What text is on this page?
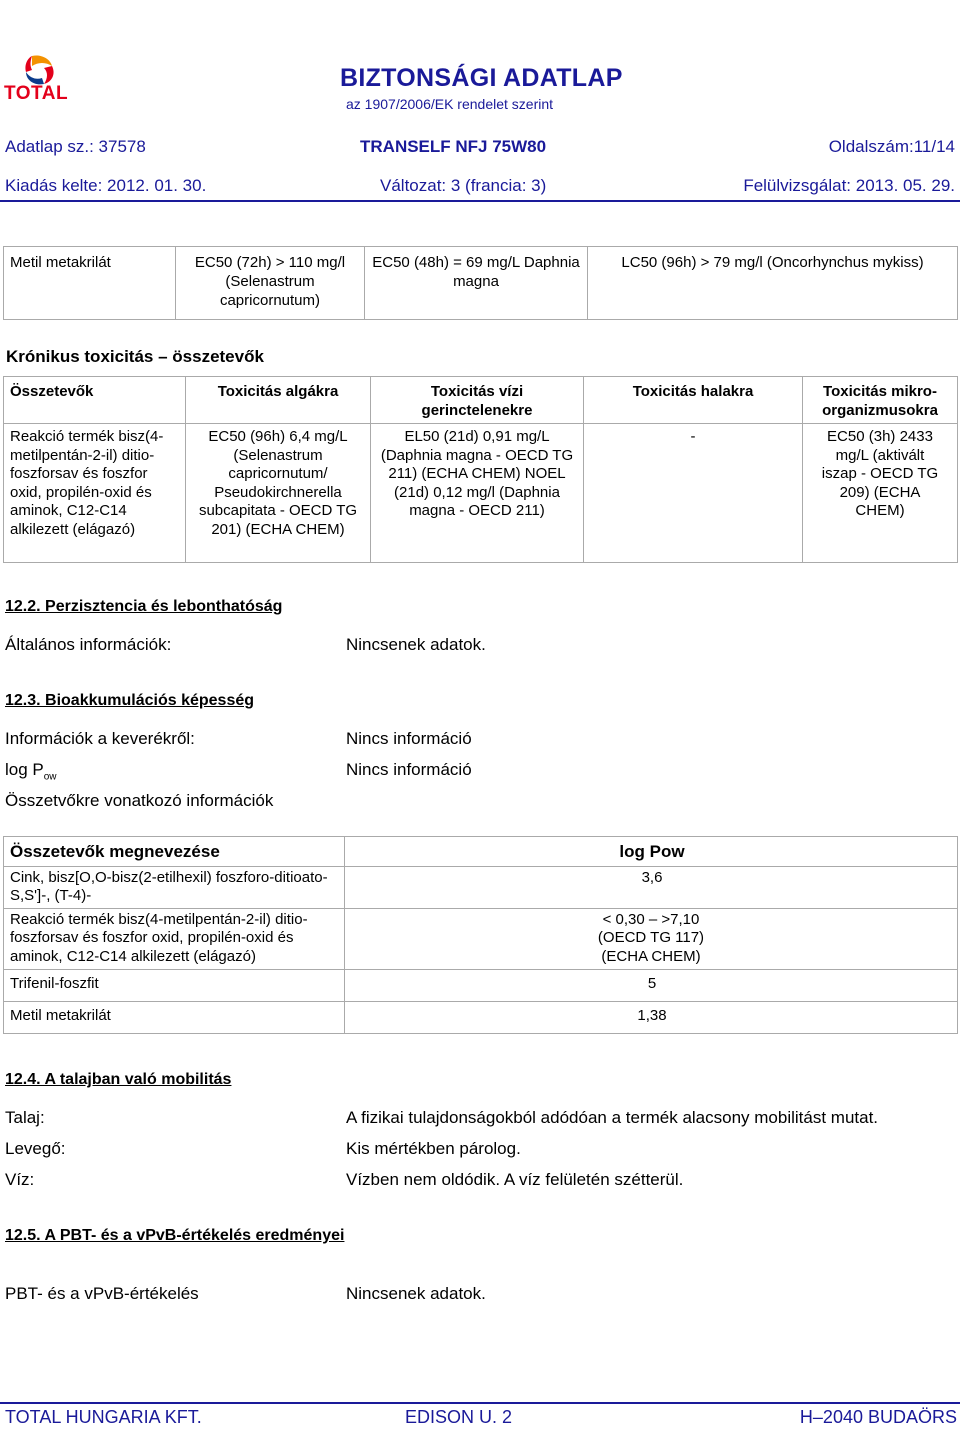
TOTAL
BIZTONSÁGI ADATLAP
az 1907/2006/EK rendelet szerint
Adatlap sz.: 37578	TRANSELF NFJ 75W80	Oldalszám:11/14
Kiadás kelte: 2012. 01. 30.	Változat: 3 (francia: 3)	Felülvizsgálat: 2013. 05. 29.
Metil metakrilát	EC50 (72h) > 110 mg/l (Selenastrum capricornutum)	EC50 (48h) = 69 mg/L Daphnia magna	LC50 (96h) > 79 mg/l (Oncorhynchus mykiss)
Krónikus toxicitás – összetevők
Összetevők	Toxicitás algákra	Toxicitás vízi gerinctelenekre	Toxicitás halakra	Toxicitás mikro-organizmusokra
Reakció termék bisz(4-metilpentán-2-il) ditio-foszforsav és foszfor oxid, propilén-oxid és aminok, C12-C14 alkilezett (elágazó)	EC50 (96h) 6,4 mg/L (Selenastrum capricornutum/ Pseudokirchnerella subcapitata - OECD TG 201) (ECHA CHEM)	EL50 (21d) 0,91 mg/L (Daphnia magna - OECD TG 211) (ECHA CHEM) NOEL (21d) 0,12 mg/l (Daphnia magna - OECD 211)	-	EC50 (3h) 2433 mg/L (aktivált iszap - OECD TG 209) (ECHA CHEM)
12.2. Perzisztencia és lebonthatóság
Általános információk:	Nincsenek adatok.
12.3. Bioakkumulációs képesség
Információk a keverékről:	Nincs információ
$\log P_{ow}$	Nincs információ
Összetvőkre vonatkozó információk
Összetevők megnevezése	log Pow
Cink, bisz[O,O-bisz(2-etilhexil) foszforo-ditioato-S,S']-, (T-4)-	3,6
Reakció termék bisz(4-metilpentán-2-il) ditio-foszforsav és foszfor oxid, propilén-oxid és aminok, C12-C14 alkilezett (elágazó)	< 0,30 – >7,10 (OECD TG 117) (ECHA CHEM)
Trifenil-foszfit	5
Metil metakrilát	1,38
12.4. A talajban való mobilitás
Talaj:	A fizikai tulajdonságokból adódóan a termék alacsony mobilitást mutat.
Levegő:	Kis mértékben párolog.
Víz:	Vízben nem oldódik. A víz felületén szétterül.
12.5. A PBT- és a vPvB-értékelés eredményei
PBT- és a vPvB-értékelés	Nincsenek adatok.
TOTAL HUNGARIA KFT.	EDISON U. 2	H–2040 BUDAÖRS
